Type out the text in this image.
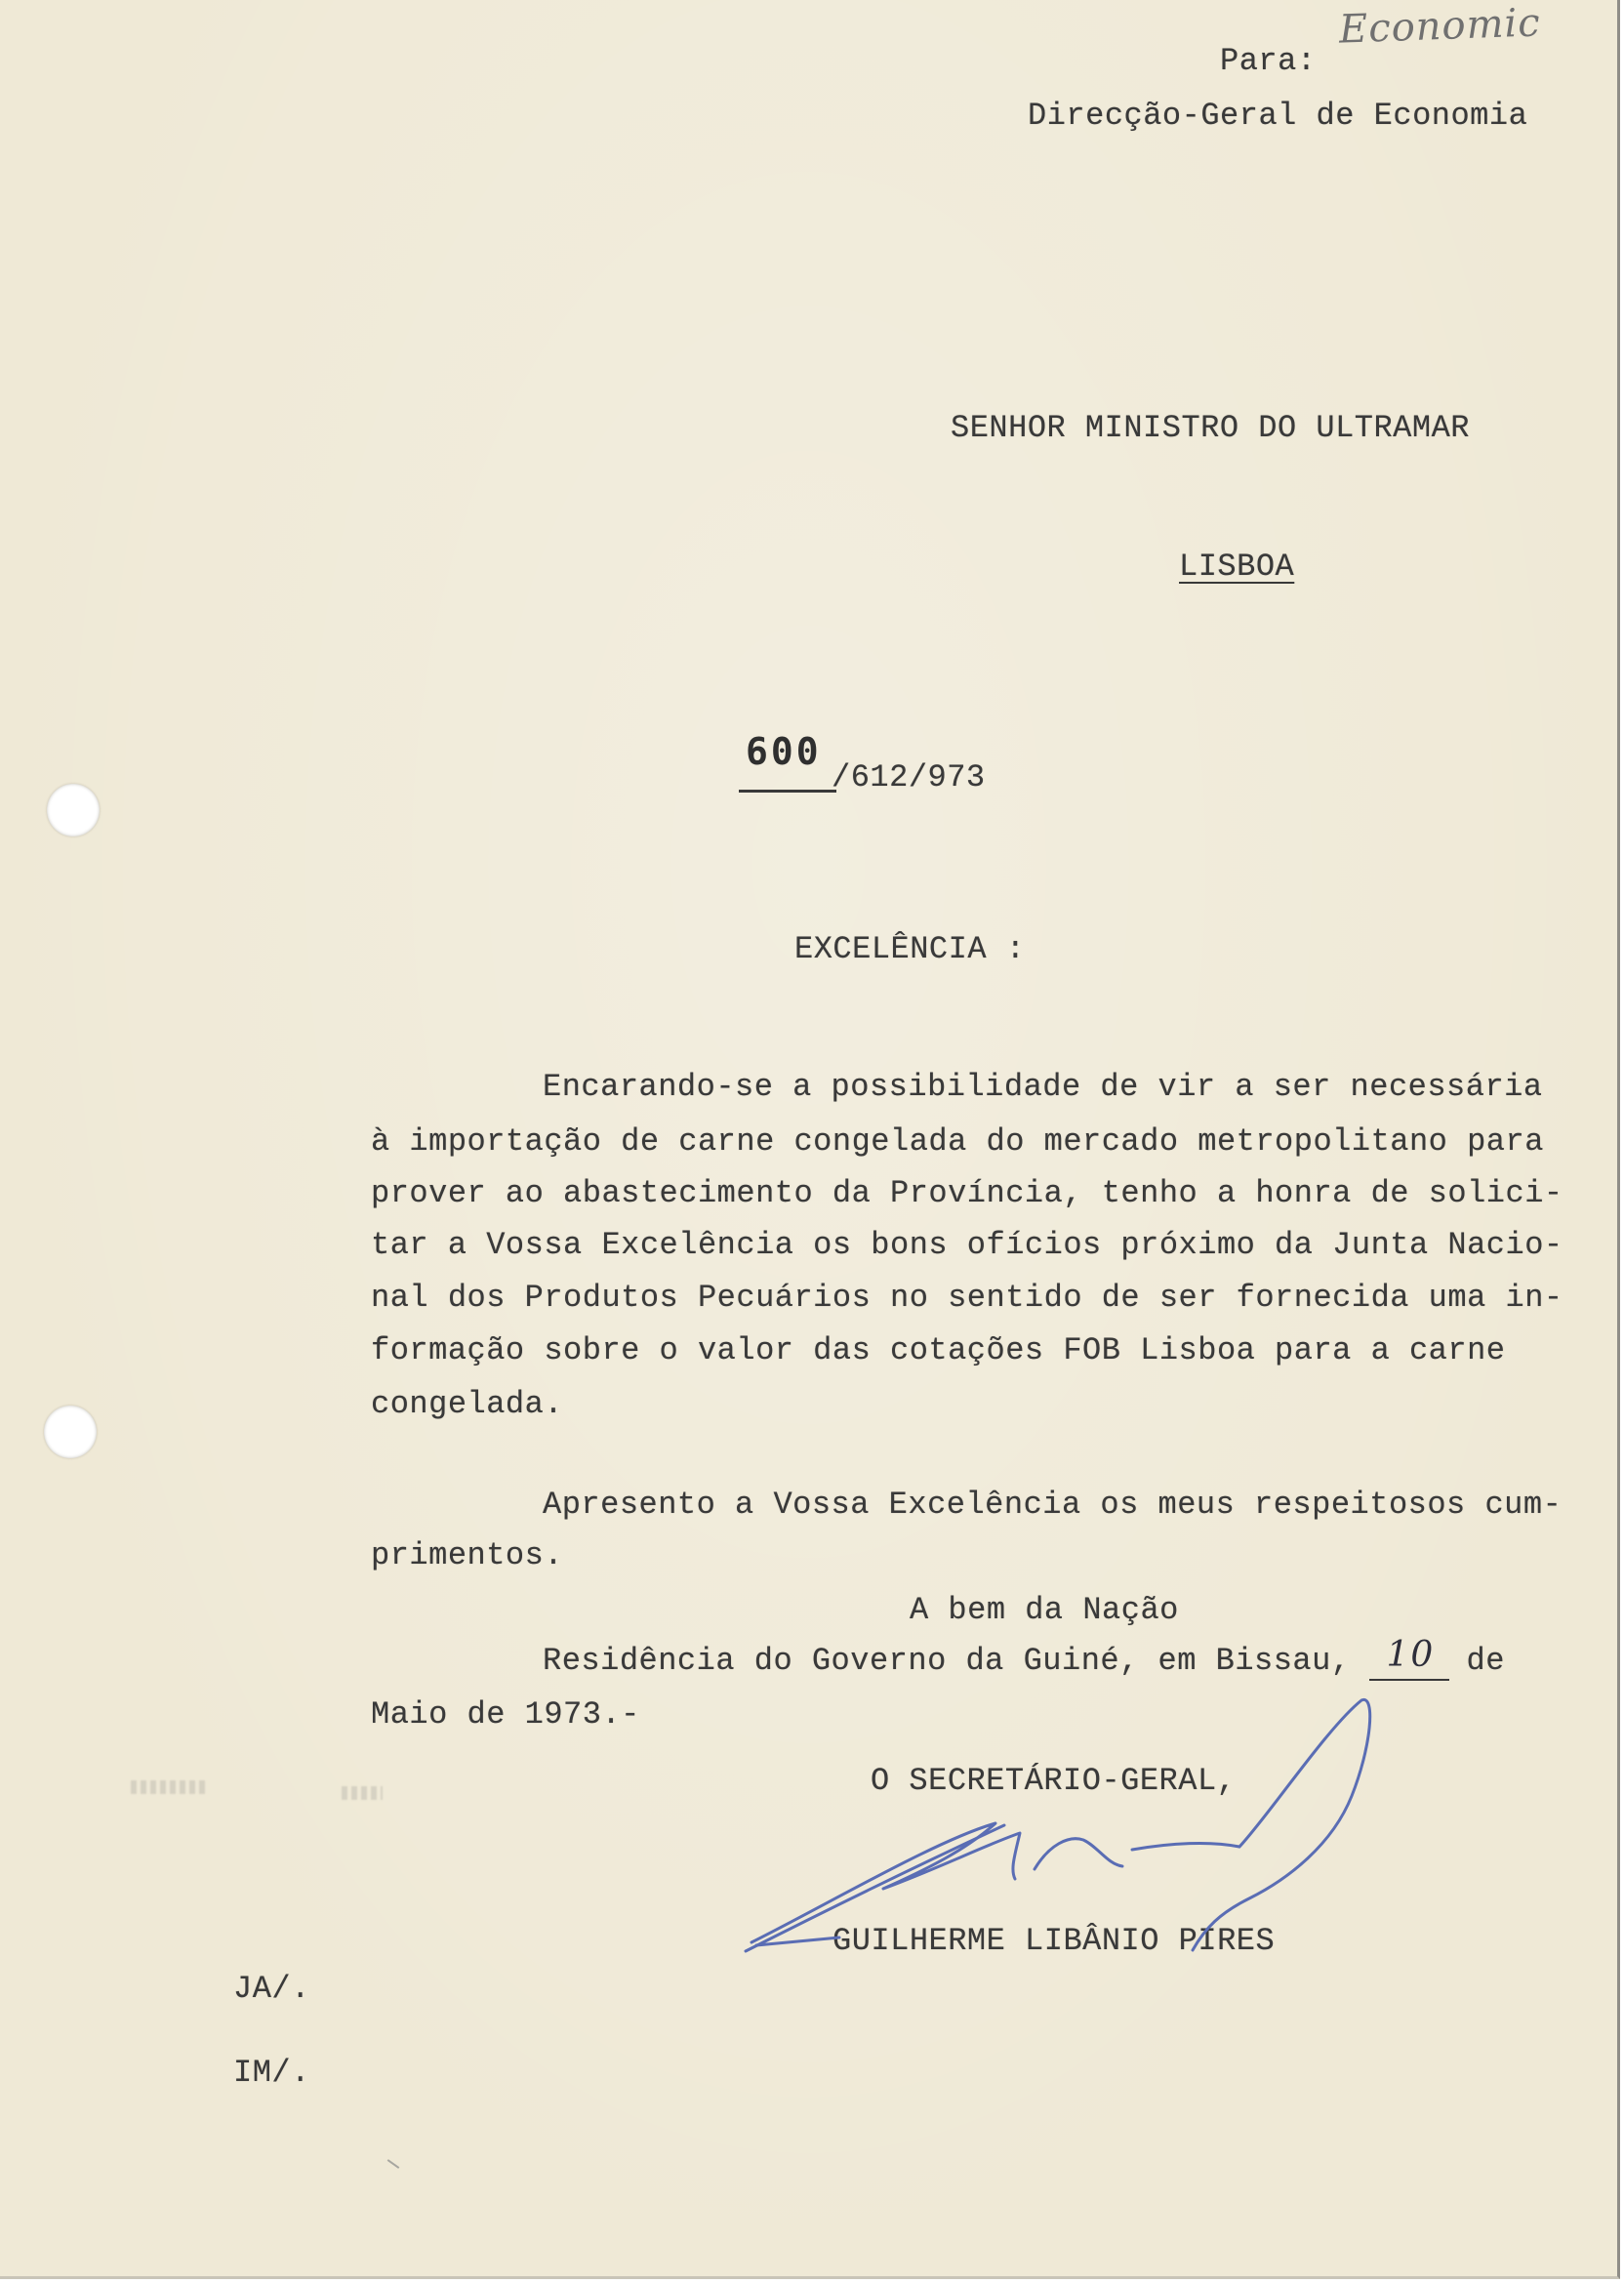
Economic
Para:
Direcção-Geral de Economia
SENHOR MINISTRO DO ULTRAMAR
LISBOA
600
/612/973
EXCELÊNCIA :
Encarando-se a possibilidade de vir a ser necessária
à importação de carne congelada do mercado metropolitano para
prover ao abastecimento da Província, tenho a honra de solici-
tar a Vossa Excelência os bons ofícios próximo da Junta Nacio-
nal dos Produtos Pecuários no sentido de ser fornecida uma in-
formação sobre o valor das cotações FOB Lisboa para a carne
congelada.
Apresento a Vossa Excelência os meus respeitosos cum-
primentos.
A bem da Nação
Residência do Governo da Guiné, em Bissau, 10 de
Maio de 1973.-
O SECRETÁRIO-GERAL,
GUILHERME LIBÂNIO PIRES
JA/.
IM/.
